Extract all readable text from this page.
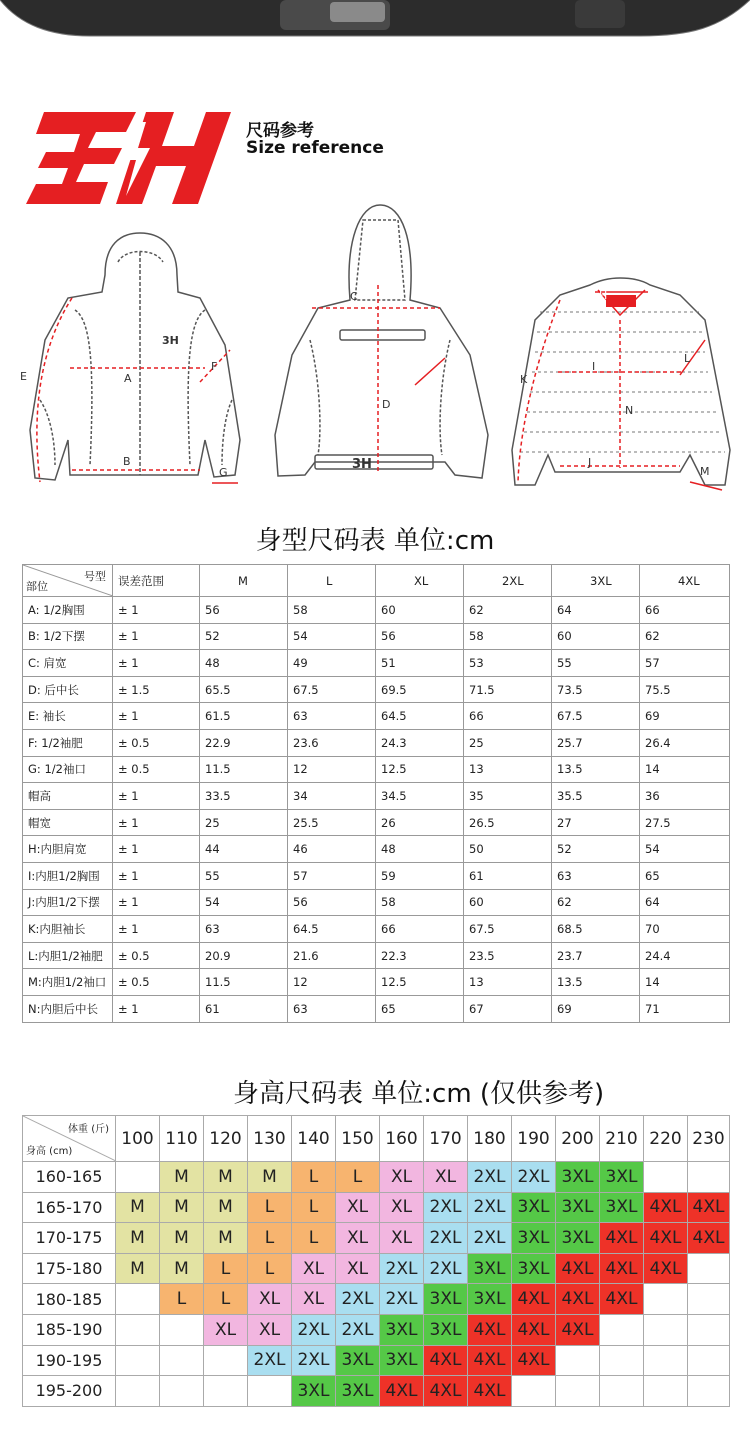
尺码参考
Size reference
3H
A
B
E
F
G
3H
C
D
H
I
N
J
K
L
M
身型尺码表 单位:cm
号型
部位	误差范围	M	L	XL	2XL	3XL	4XL
A: 1/2胸围	± 1	56	58	60	62	64	66
B: 1/2下摆	± 1	52	54	56	58	60	62
C: 肩宽	± 1	48	49	51	53	55	57
D: 后中长	± 1.5	65.5	67.5	69.5	71.5	73.5	75.5
E: 袖长	± 1	61.5	63	64.5	66	67.5	69
F: 1/2袖肥	± 0.5	22.9	23.6	24.3	25	25.7	26.4
G: 1/2袖口	± 0.5	11.5	12	12.5	13	13.5	14
帽高	± 1	33.5	34	34.5	35	35.5	36
帽宽	± 1	25	25.5	26	26.5	27	27.5
H:内胆肩宽	± 1	44	46	48	50	52	54
I:内胆1/2胸围	± 1	55	57	59	61	63	65
J:内胆1/2下摆	± 1	54	56	58	60	62	64
K:内胆袖长	± 1	63	64.5	66	67.5	68.5	70
L:内胆1/2袖肥	± 0.5	20.9	21.6	22.3	23.5	23.7	24.4
M:内胆1/2袖口	± 0.5	11.5	12	12.5	13	13.5	14
N:内胆后中长	± 1	61	63	65	67	69	71
身高尺码表 单位:cm (仅供参考)
体重 (斤)
身高 (cm)	100	110	120	130	140	150	160	170	180	190	200	210	220	230
160-165		M	M	M	L	L	XL	XL	2XL	2XL	3XL	3XL		
165-170	M	M	M	L	L	XL	XL	2XL	2XL	3XL	3XL	3XL	4XL	4XL
170-175	M	M	M	L	L	XL	XL	2XL	2XL	3XL	3XL	4XL	4XL	4XL
175-180	M	M	L	L	XL	XL	2XL	2XL	3XL	3XL	4XL	4XL	4XL	
180-185		L	L	XL	XL	2XL	2XL	3XL	3XL	4XL	4XL	4XL		
185-190			XL	XL	2XL	2XL	3XL	3XL	4XL	4XL	4XL			
190-195				2XL	2XL	3XL	3XL	4XL	4XL	4XL				
195-200					3XL	3XL	4XL	4XL	4XL					
